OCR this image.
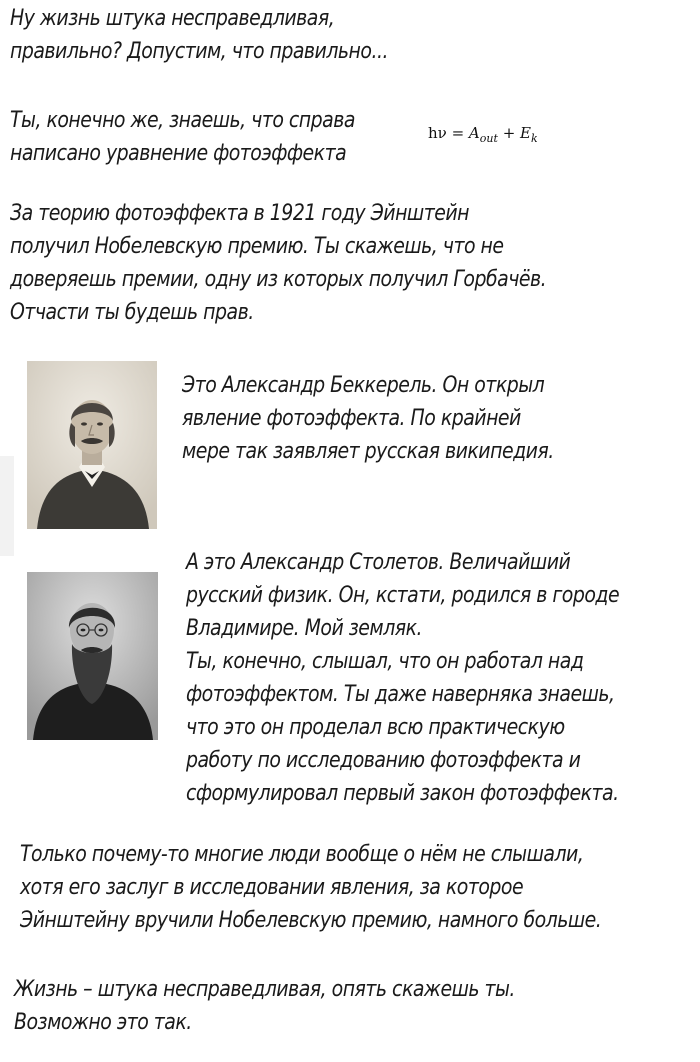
Ну жизнь штука несправедливая,
правильно? Допустим, что правильно...

Ты, конечно же, знаешь, что справа
написано уравнение фотоэффекта

$h\nu = A_{out} + E_k$

За теорию фотоэффекта в 1921 году Эйнштейн
получил Нобелевскую премию. Ты скажешь, что не
доверяешь премии, одну из которых получил Горбачёв.
Отчасти ты будешь прав.

Это Александр Беккерель. Он открыл
явление фотоэффекта. По крайней
мере так заявляет русская википедия.

А это Александр Столетов. Величайший
русский физик. Он, кстати, родился в городе
Владимире. Мой земляк.
Ты, конечно, слышал, что он работал над
фотоэффектом. Ты даже наверняка знаешь,
что это он проделал всю практическую
работу по исследованию фотоэффекта и
сформулировал первый закон фотоэффекта.

Только почему-то многие люди вообще о нём не слышали,
хотя его заслуг в исследовании явления, за которое
Эйнштейну вручили Нобелевскую премию, намного больше.

Жизнь – штука несправедливая, опять скажешь ты.
Возможно это так.
